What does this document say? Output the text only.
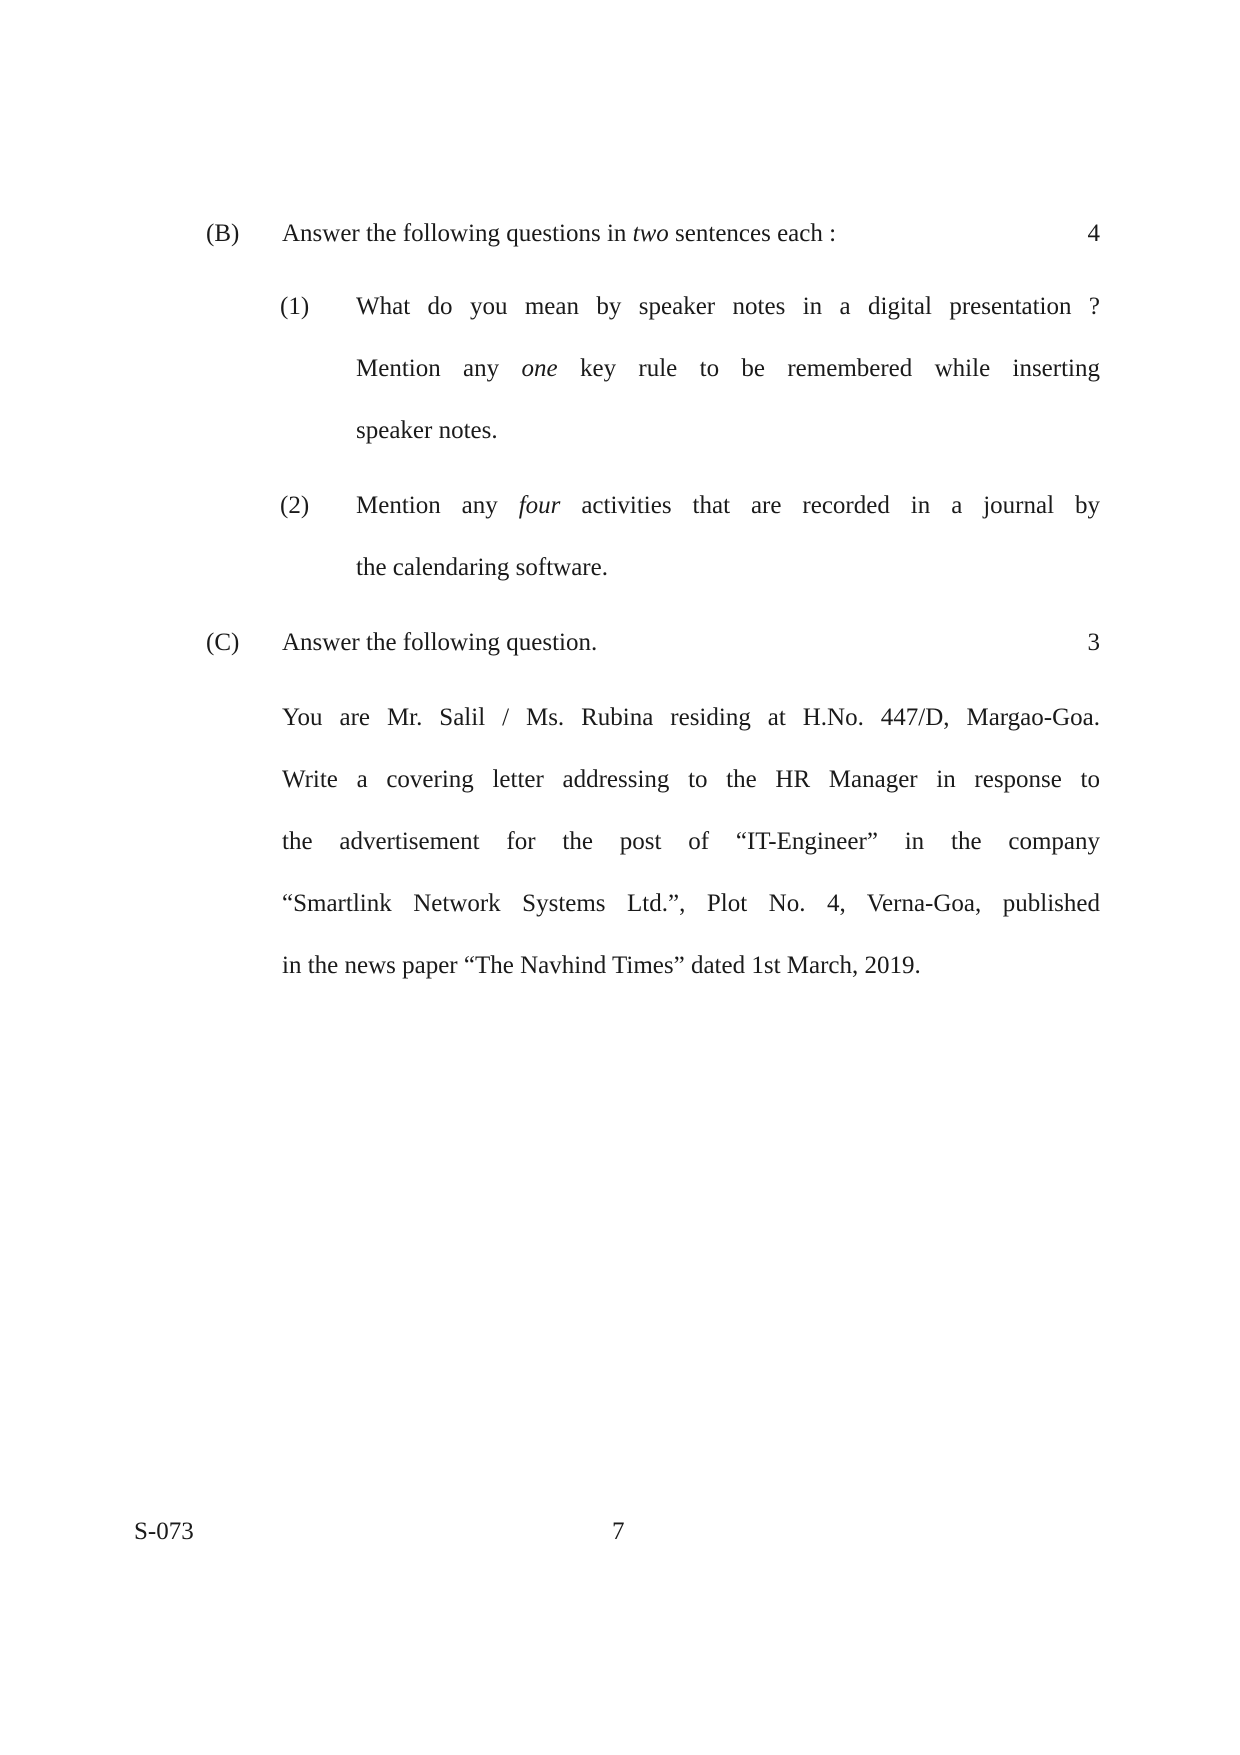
(B) Answer the following questions in two sentences each :	4
(1) What do you mean by speaker notes in a digital presentation ?
Mention any one key rule to be remembered while inserting
speaker notes.
(2) Mention any four activities that are recorded in a journal by
the calendaring software.
(C) Answer the following question.	3
You are Mr. Salil / Ms. Rubina residing at H.No. 447/D, Margao-Goa.
Write a covering letter addressing to the HR Manager in response to
the advertisement for the post of “IT-Engineer” in the company
“Smartlink Network Systems Ltd.”, Plot No. 4, Verna-Goa, published
in the news paper “The Navhind Times” dated 1st March, 2019.
S-073	7
